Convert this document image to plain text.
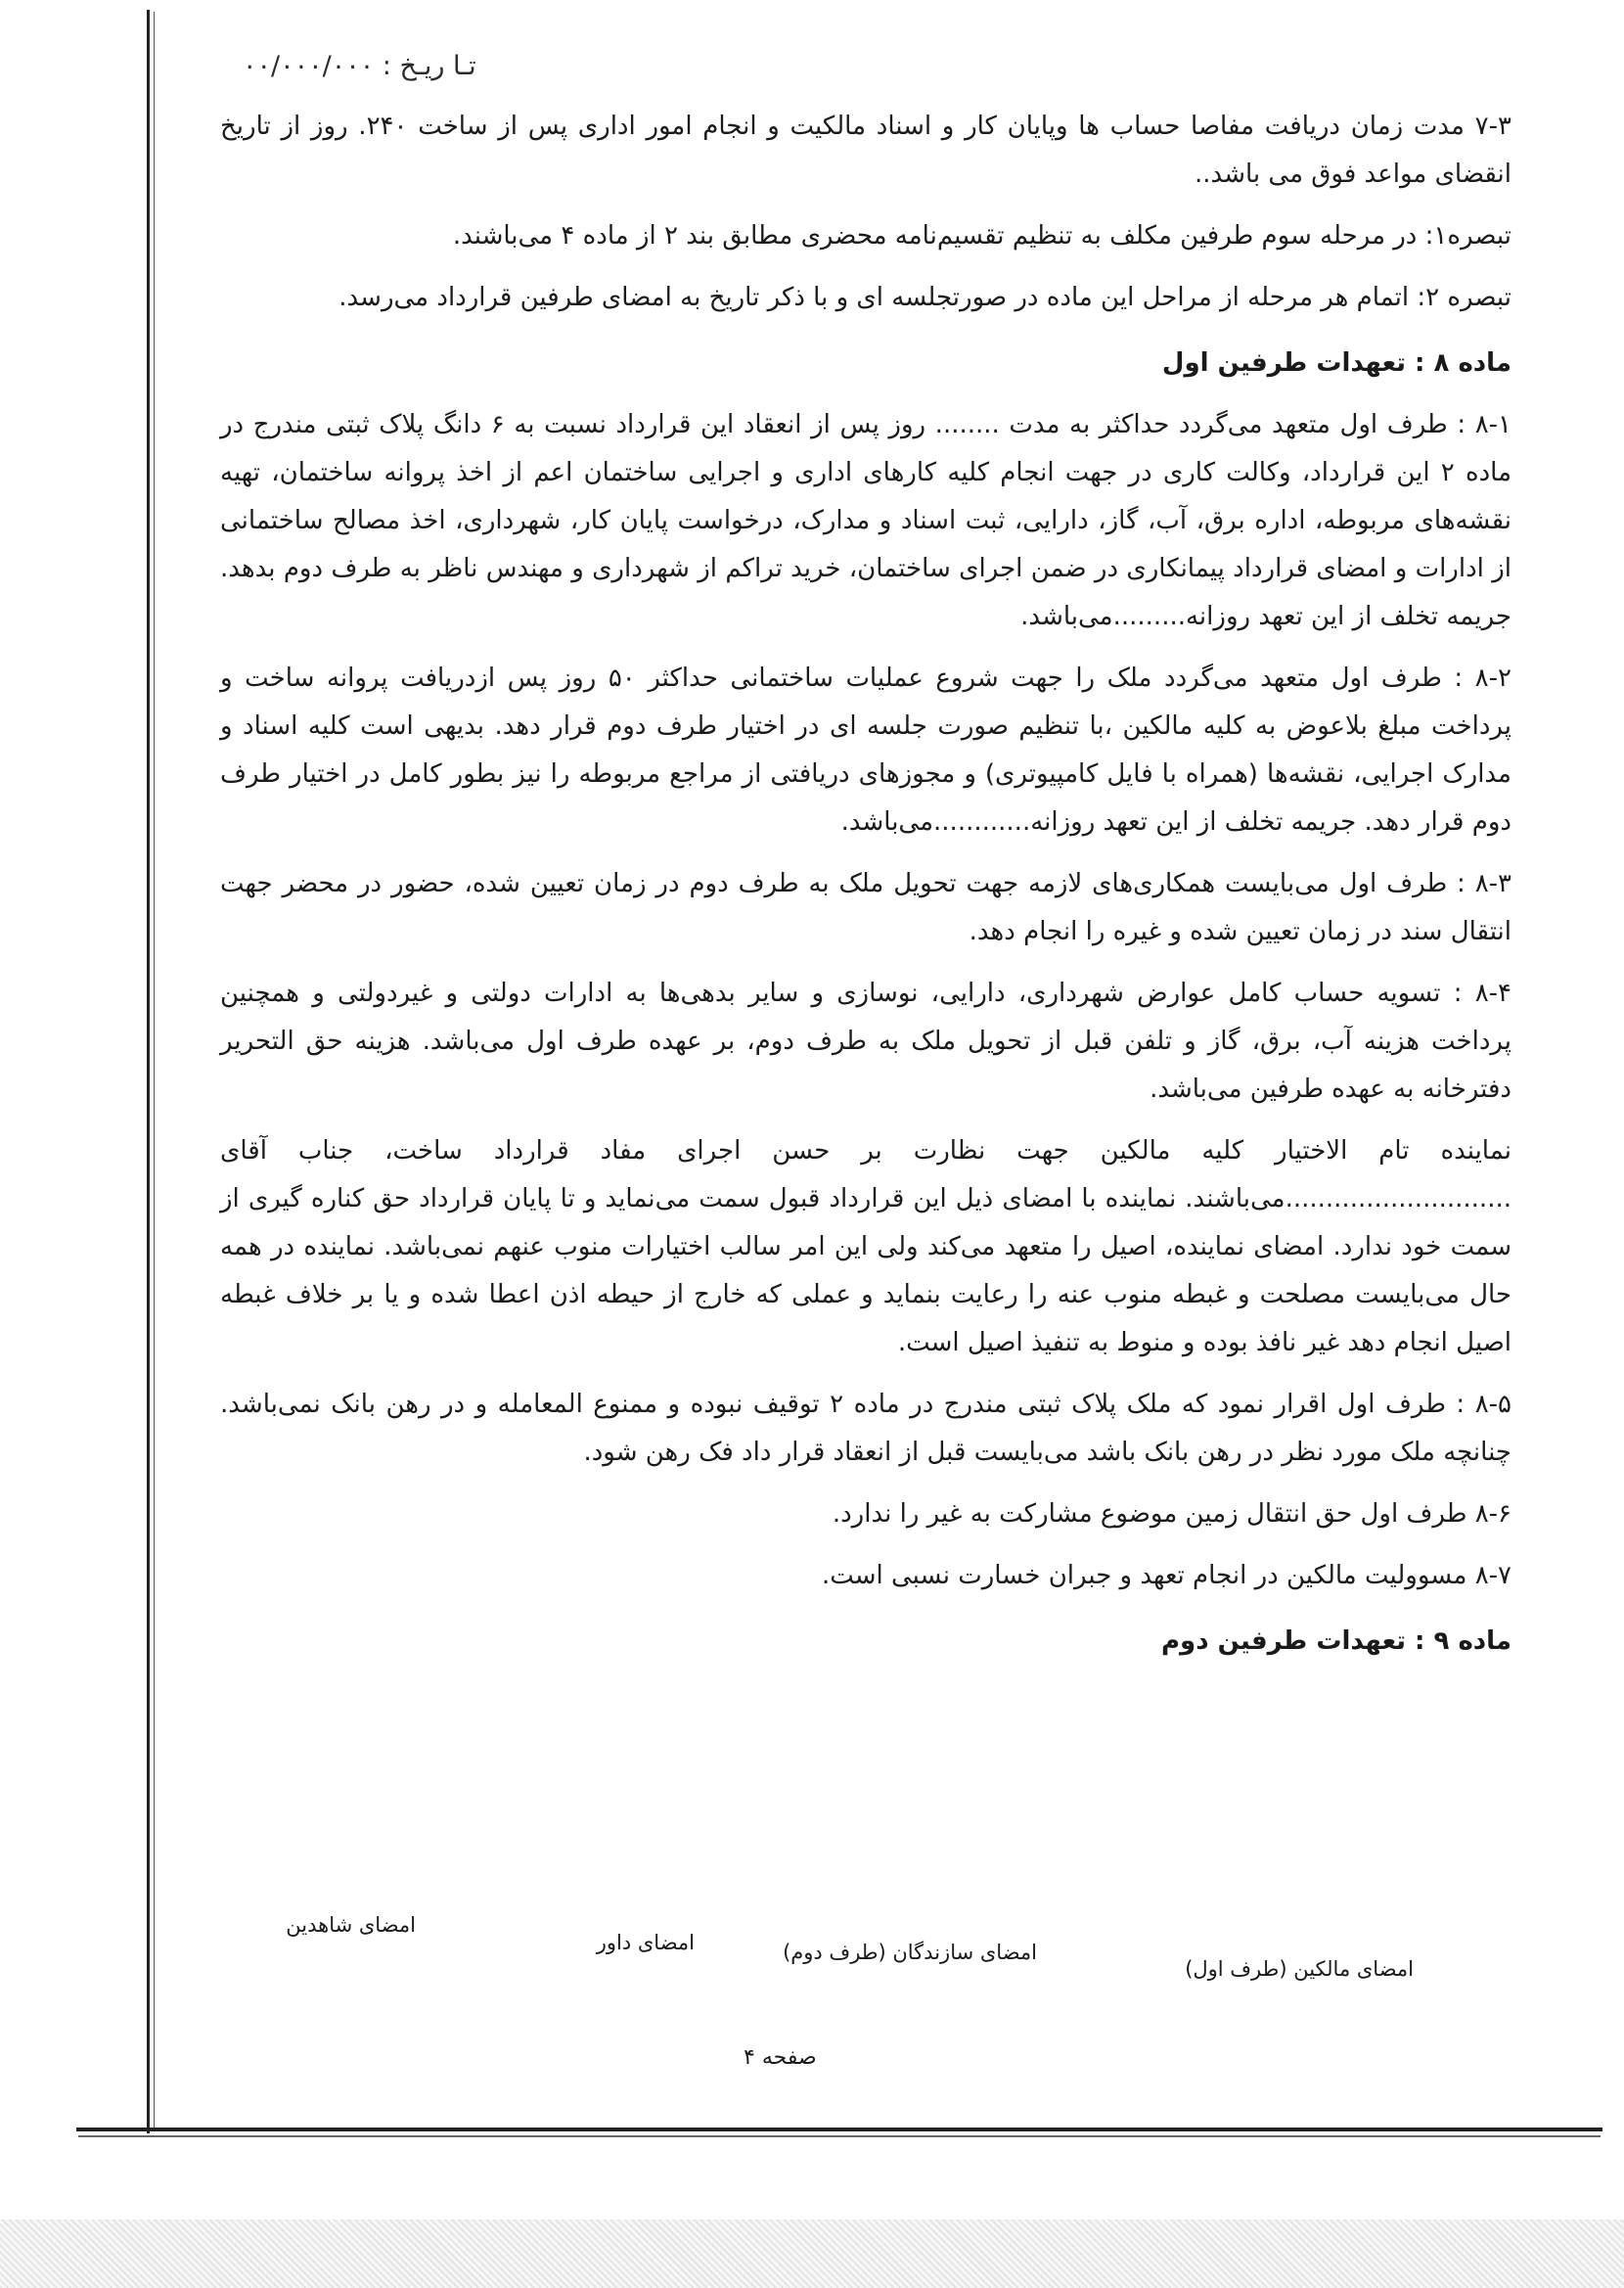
تـا ریـخ : ۰۰/۰۰۰/۰۰۰

۷-۳ مدت زمان دریافت مفاصا حساب ها وپایان کار و اسناد مالکیت و انجام امور اداری پس از ساخت ۲۴۰. روز از تاریخ انقضای مواعد فوق می باشد..

تبصره۱: در مرحله سوم طرفین مکلف به تنظیم تقسیم‌نامه محضری مطابق بند ۲ از ماده ۴ می‌باشند.

تبصره ۲: اتمام هر مرحله از مراحل این ماده در صورتجلسه ای و با ذکر تاریخ به امضای طرفین قرارداد می‌رسد.

ماده ۸ : تعهدات طرفین اول

۸-۱ : طرف اول متعهد می‌گردد حداکثر به مدت ........ روز پس از انعقاد این قرارداد نسبت به ۶ دانگ پلاک ثبتی مندرج در ماده ۲ این قرارداد، وکالت کاری در جهت انجام کلیه کارهای اداری و اجرایی ساختمان اعم از اخذ پروانه ساختمان، تهیه نقشه‌های مربوطه، اداره برق، آب، گاز، دارایی، ثبت اسناد و مدارک، درخواست پایان کار، شهرداری، اخذ مصالح ساختمانی از ادارات و امضای قرارداد پیمانکاری در ضمن اجرای ساختمان، خرید تراکم از شهرداری و مهندس ناظر به طرف دوم بدهد. جریمه تخلف از این تعهد روزانه.........می‌باشد.

۸-۲ : طرف اول متعهد می‌گردد ملک را جهت شروع عملیات ساختمانی حداکثر ۵۰ روز پس ازدریافت پروانه ساخت و پرداخت مبلغ بلاعوض به کلیه مالکین ،با تنظیم صورت جلسه ای در اختیار طرف دوم قرار دهد. بدیهی است کلیه اسناد و مدارک اجرایی، نقشه‌ها (همراه با فایل کامپیوتری) و مجوزهای دریافتی از مراجع مربوطه را نیز بطور کامل در اختیار طرف دوم قرار دهد. جریمه تخلف از این تعهد روزانه............می‌باشد.

۸-۳ : طرف اول می‌بایست همکاری‌های لازمه جهت تحویل ملک به طرف دوم در زمان تعیین شده، حضور در محضر جهت انتقال سند در زمان تعیین شده و غیره را انجام دهد.

۸-۴ : تسویه حساب کامل عوارض شهرداری، دارایی، نوسازی و سایر بدهی‌ها به ادارات دولتی و غیردولتی و همچنین پرداخت هزینه آب، برق، گاز و تلفن قبل از تحویل ملک به طرف دوم، بر عهده طرف اول می‌باشد. هزینه حق التحریر دفترخانه به عهده طرفین می‌باشد.

نماینده تام الاختیار کلیه مالکین جهت نظارت بر حسن اجرای مفاد قرارداد ساخت، جناب آقای ............................می‌باشند. نماینده با امضای ذیل این قرارداد قبول سمت می‌نماید و تا پایان قرارداد حق کناره گیری از سمت خود ندارد. امضای نماینده، اصیل را متعهد می‌کند ولی این امر سالب اختیارات منوب عنهم نمی‌باشد. نماینده در همه حال می‌بایست مصلحت و غبطه منوب عنه را رعایت بنماید و عملی که خارج از حیطه اذن اعطا شده و یا بر خلاف غبطه اصیل انجام دهد غیر نافذ بوده و منوط به تنفیذ اصیل است.

۸-۵ : طرف اول اقرار نمود که ملک پلاک ثبتی مندرج در ماده ۲ توقیف نبوده و ممنوع المعامله و در رهن بانک نمی‌باشد. چنانچه ملک مورد نظر در رهن بانک باشد می‌بایست قبل از انعقاد قرار داد فک رهن شود.

۸-۶ طرف اول حق انتقال زمین موضوع مشارکت به غیر را ندارد.

۸-۷ مسوولیت مالکین در انجام تعهد و جبران خسارت نسبی است.

ماده ۹ : تعهدات طرفین دوم

امضای مالکین (طرف اول)
امضای سازندگان (طرف دوم)
امضای داور
امضای شاهدین
صفحه ۴
